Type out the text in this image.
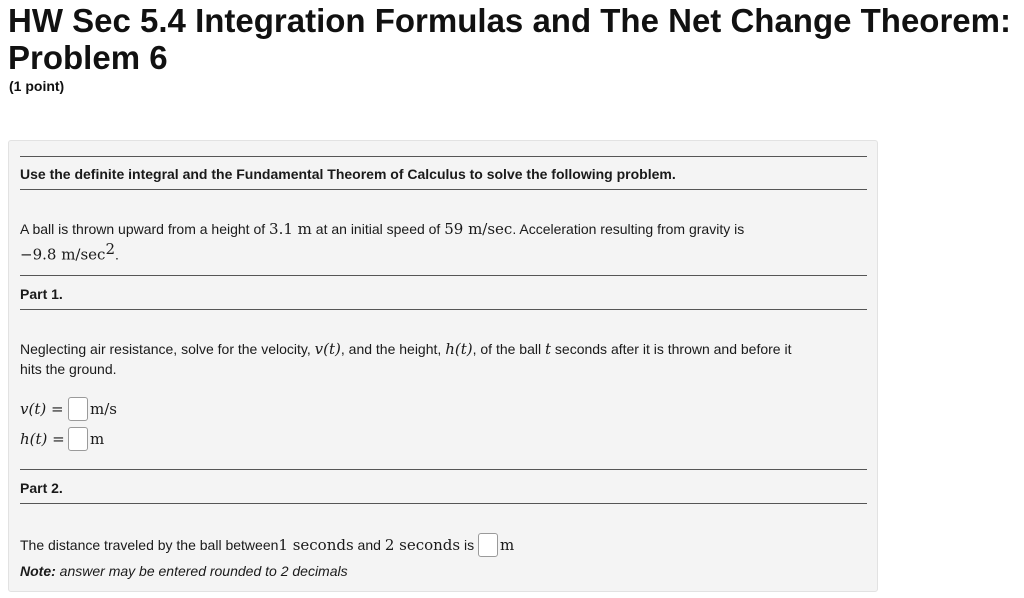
HW Sec 5.4 Integration Formulas and The Net Change Theorem: Problem 6
(1 point)
Use the definite integral and the Fundamental Theorem of Calculus to solve the following problem.
A ball is thrown upward from a height of 3.1 m at an initial speed of 59 m/sec. Acceleration resulting from gravity is
−9.8 $m/\sec^2$.
Part 1.
Neglecting air resistance, solve for the velocity, v(t), and the height, h(t), of the ball t seconds after it is thrown and before it
hits the ground.
v(t) = m/s
h(t) = m
Part 2.
The distance traveled by the ball between 1 seconds and 2 seconds is m
Note: answer may be entered rounded to 2 decimals
